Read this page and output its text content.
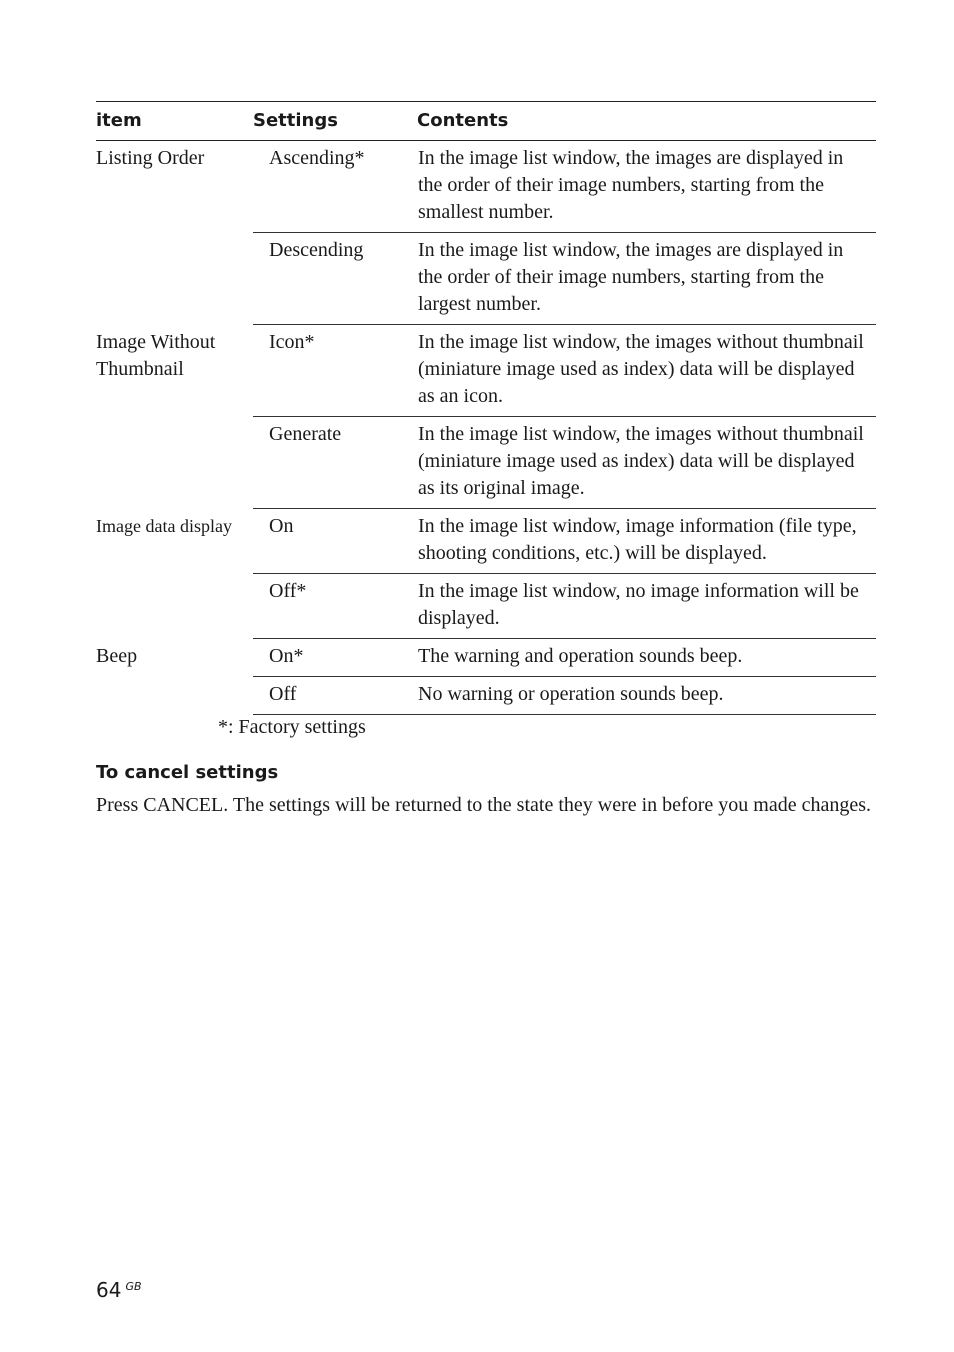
item	Settings	Contents
Listing Order	Ascending*	In the image list window, the images are displayed in the order of their image numbers, starting from the smallest number.
	Descending	In the image list window, the images are displayed in the order of their image numbers, starting from the largest number.
Image Without Thumbnail	Icon*	In the image list window, the images without thumbnail (miniature image used as index) data will be displayed as an icon.
	Generate	In the image list window, the images without thumbnail (miniature image used as index) data will be displayed as its original image.
Image data display	On	In the image list window, image information (file type, shooting conditions, etc.) will be displayed.
	Off*	In the image list window, no image information will be displayed.
Beep	On*	The warning and operation sounds beep.
	Off	No warning or operation sounds beep.
*: Factory settings
To cancel settings
Press CANCEL. The settings will be returned to the state they were in before you made changes.
64 $^{GB}$
